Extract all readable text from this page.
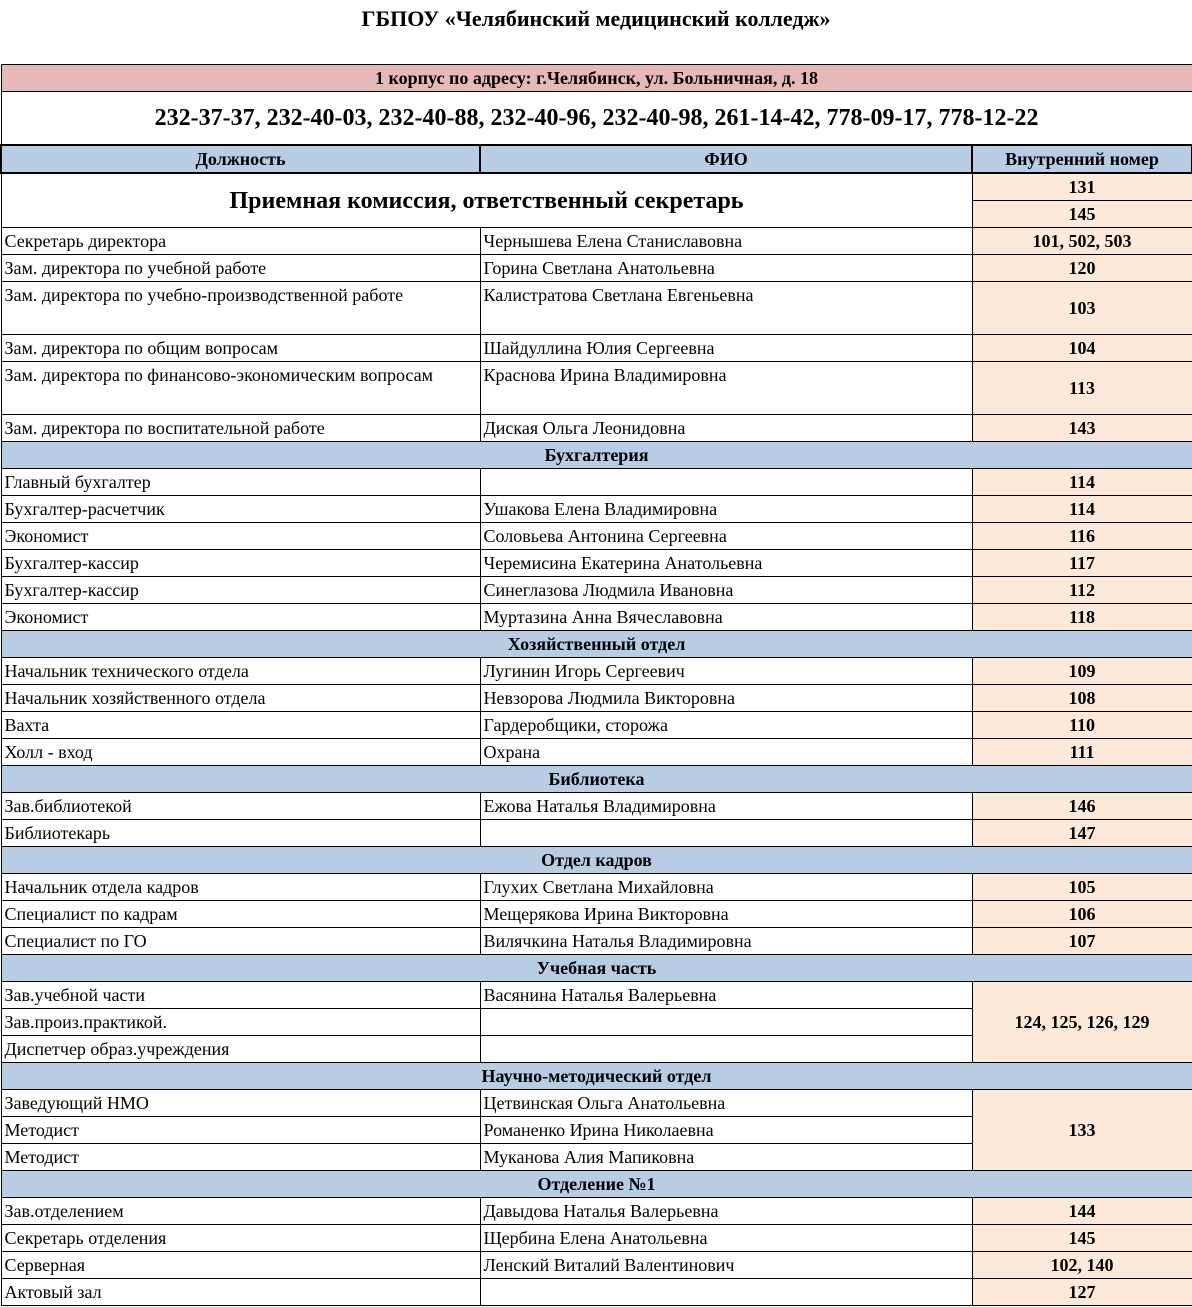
ГБПОУ «Челябинский медицинский колледж»
1 корпус по адресу: г.Челябинск, ул. Больничная, д. 18		
232-37-37, 232-40-03, 232-40-88, 232-40-96, 232-40-98, 261-14-42, 778-09-17, 778-12-22		
Должность	ФИО	Внутренний номер
Приемная комиссия, ответственный секретарь		131
		145
Секретарь директора	Чернышева Елена Станиславовна	101, 502, 503
Зам. директора по учебной работе	Горина Светлана Анатольевна	120
Зам. директора по учебно-производственной работе	Калистратова Светлана Евгеньевна	103
Зам. директора по общим вопросам	Шайдуллина Юлия Сергеевна	104
Зам. директора по финансово-экономическим вопросам	Краснова Ирина Владимировна	113
Зам. директора по воспитательной работе	Диская Ольга Леонидовна	143
Бухгалтерия		
Главный бухгалтер		114
Бухгалтер-расчетчик	Ушакова Елена Владимировна	114
Экономист	Соловьева Антонина Сергеевна	116
Бухгалтер-кассир	Черемисина Екатерина Анатольевна	117
Бухгалтер-кассир	Синеглазова Людмила Ивановна	112
Экономист	Муртазина Анна Вячеславовна	118
Хозяйственный отдел		
Начальник технического отдела	Лугинин Игорь Сергеевич	109
Начальник хозяйственного отдела	Невзорова Людмила Викторовна	108
Вахта	Гардеробщики, сторожа	110
Холл - вход	Охрана	111
Библиотека		
Зав.библиотекой	Ежова Наталья Владимировна	146
Библиотекарь		147
Отдел кадров		
Начальник отдела кадров	Глухих Светлана Михайловна	105
Специалист по кадрам	Мещерякова Ирина Викторовна	106
Специалист по ГО	Вилячкина Наталья Владимировна	107
Учебная часть		
Зав.учебной части	Васянина Наталья Валерьевна	124, 125, 126, 129
Зав.произ.практикой.		
Диспетчер образ.учреждения		
Научно-методический отдел		
Заведующий НМО	Цетвинская Ольга Анатольевна	133
Методист	Романенко Ирина Николаевна	
Методист	Муканова Алия Мапиковна	
Отделение №1		
Зав.отделением	Давыдова Наталья Валерьевна	144
Секретарь отделения	Щербина Елена Анатольевна	145
Серверная	Ленский Виталий Валентинович	102, 140
Актовый зал		127
